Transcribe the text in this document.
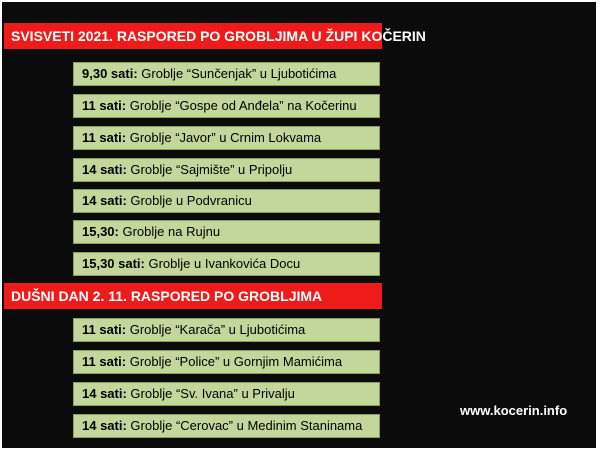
SVISVETI 2021. RASPORED PO GROBLJIMA U ŽUPI KOČERIN
9,30 sati: Groblje “Sunčenjak” u Ljubotićima
11 sati: Groblje “Gospe od Anđela” na Kočerinu
11 sati: Groblje “Javor” u Crnim Lokvama
14 sati: Groblje “Sajmište” u Pripolju
14 sati: Groblje u Podvranicu
15,30: Groblje na Rujnu
15,30 sati: Groblje u Ivankovića Docu
DUŠNI DAN 2. 11. RASPORED PO GROBLJIMA
11 sati: Groblje “Karača” u Ljubotićima
11 sati: Groblje “Police” u Gornjim Mamićima
14 sati: Groblje “Sv. Ivana” u Privalju
14 sati: Groblje “Cerovac” u Medinim Staninama
www.kocerin.info
